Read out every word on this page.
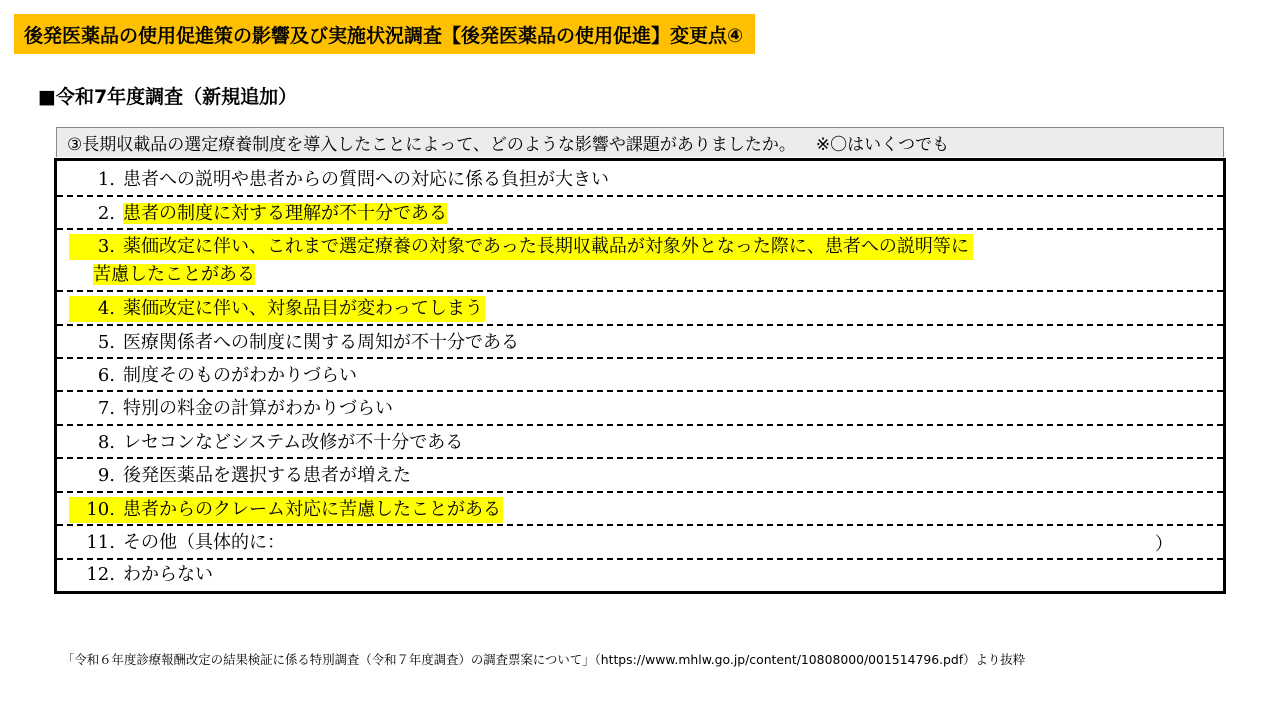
後発医薬品の使用促進策の影響及び実施状況調査【後発医薬品の使用促進】変更点④
■令和7年度調査（新規追加）
③長期収載品の選定療養制度を導入したことによって、どのような影響や課題がありましたか。 ※〇はいくつでも
1. 患者への説明や患者からの質問への対応に係る負担が大きい
2. 患者の制度に対する理解が不十分である
3. 薬価改定に伴い、これまで選定療養の対象であった長期収載品が対象外となった際に、患者への説明等に
苦慮したことがある
4. 薬価改定に伴い、対象品目が変わってしまう
5. 医療関係者への制度に関する周知が不十分である
6. 制度そのものがわかりづらい
7. 特別の料金の計算がわかりづらい
8. レセコンなどシステム改修が不十分である
9. 後発医薬品を選択する患者が増えた
10. 患者からのクレーム対応に苦慮したことがある
11. その他（具体的に：	）
12. わからない
「令和６年度診療報酬改定の結果検証に係る特別調査（令和７年度調査）の調査票案について」（https://www.mhlw.go.jp/content/10808000/001514796.pdf）より抜粋
